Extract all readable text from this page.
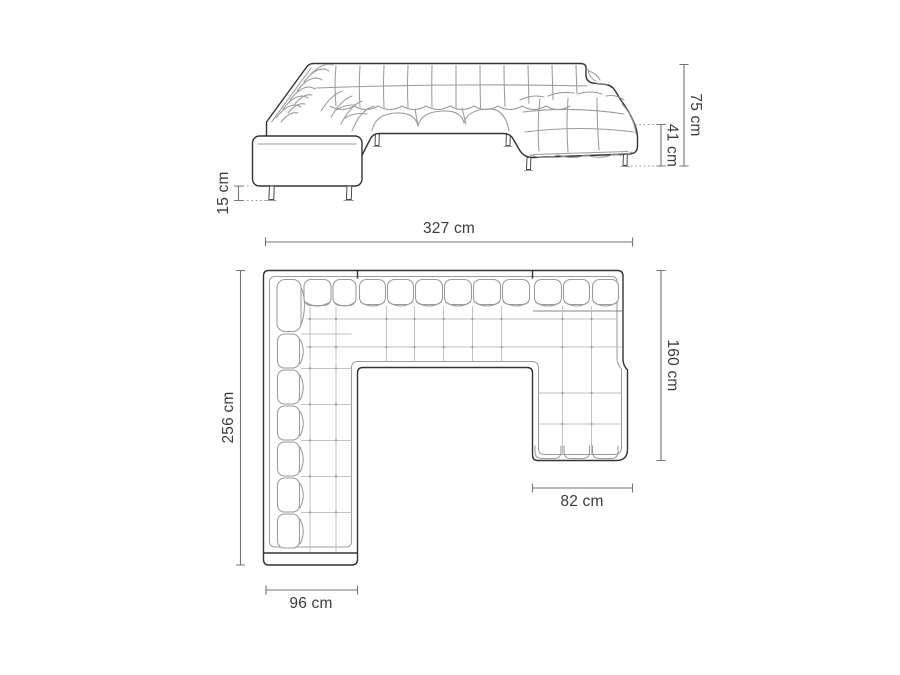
75 cm
41 cm
15 cm
327 cm
256 cm
160 cm
82 cm
96 cm
